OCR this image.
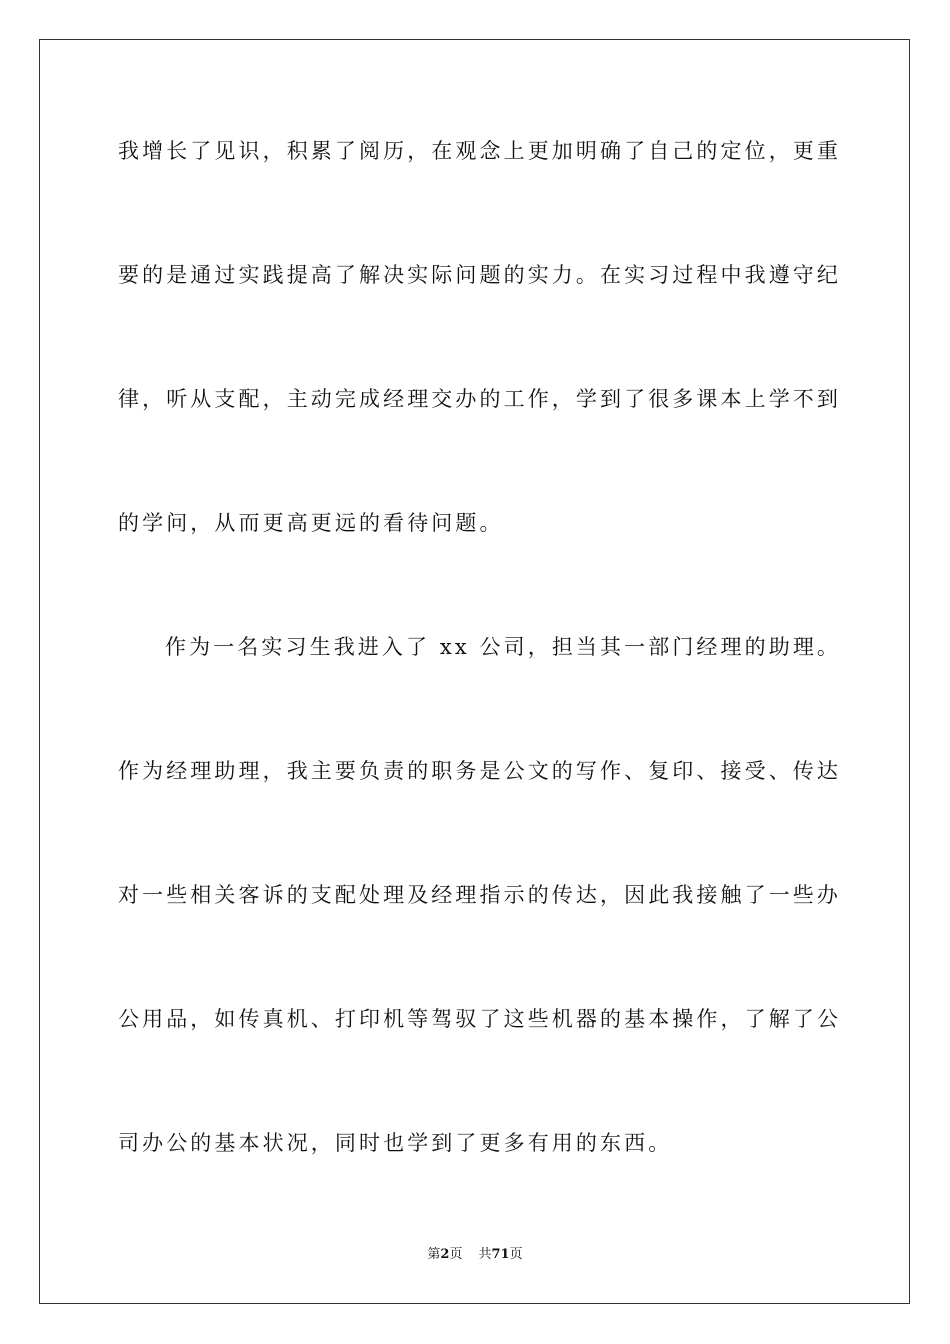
我增长了见识，积累了阅历，在观念上更加明确了自己的定位，更重
要的是通过实践提高了解决实际问题的实力。在实习过程中我遵守纪
律，听从支配，主动完成经理交办的工作，学到了很多课本上学不到
的学问，从而更高更远的看待问题。
作为一名实习生我进入了 xx 公司，担当其一部门经理的助理。
作为经理助理，我主要负责的职务是公文的写作、复印、接受、传达
对一些相关客诉的支配处理及经理指示的传达，因此我接触了一些办
公用品，如传真机、打印机等驾驭了这些机器的基本操作，了解了公
司办公的基本状况，同时也学到了更多有用的东西。
第2页 共71页
